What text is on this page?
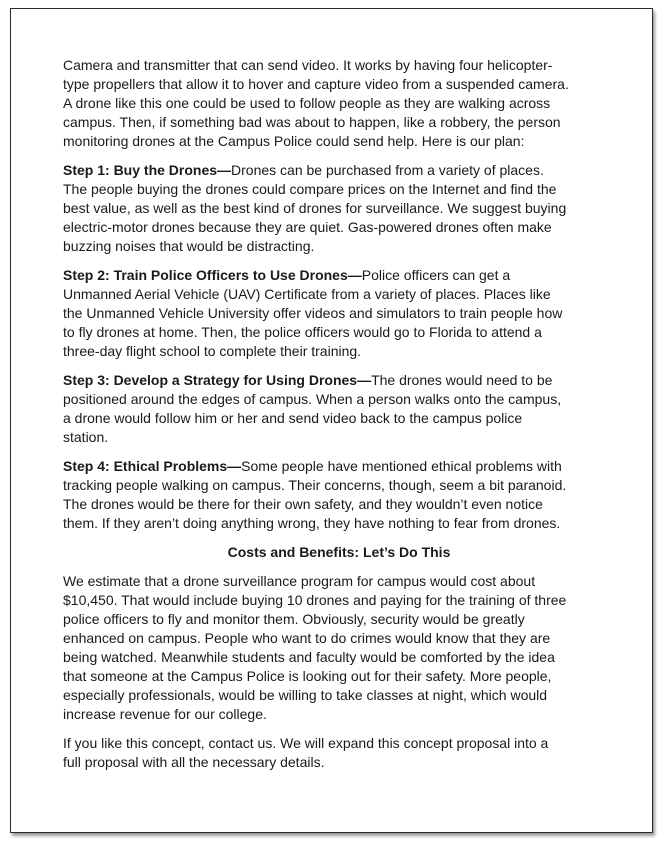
Camera and transmitter that can send video. It works by having four helicopter-
type propellers that allow it to hover and capture video from a suspended camera.
A drone like this one could be used to follow people as they are walking across
campus. Then, if something bad was about to happen, like a robbery, the person
monitoring drones at the Campus Police could send help. Here is our plan:

Step 1: Buy the Drones—Drones can be purchased from a variety of places.
The people buying the drones could compare prices on the Internet and find the
best value, as well as the best kind of drones for surveillance. We suggest buying
electric-motor drones because they are quiet. Gas-powered drones often make
buzzing noises that would be distracting.

Step 2: Train Police Officers to Use Drones—Police officers can get a
Unmanned Aerial Vehicle (UAV) Certificate from a variety of places. Places like
the Unmanned Vehicle University offer videos and simulators to train people how
to fly drones at home. Then, the police officers would go to Florida to attend a
three-day flight school to complete their training.

Step 3: Develop a Strategy for Using Drones—The drones would need to be
positioned around the edges of campus. When a person walks onto the campus,
a drone would follow him or her and send video back to the campus police
station.

Step 4: Ethical Problems—Some people have mentioned ethical problems with
tracking people walking on campus. Their concerns, though, seem a bit paranoid.
The drones would be there for their own safety, and they wouldn’t even notice
them. If they aren’t doing anything wrong, they have nothing to fear from drones.

Costs and Benefits: Let’s Do This

We estimate that a drone surveillance program for campus would cost about
$10,450. That would include buying 10 drones and paying for the training of three
police officers to fly and monitor them. Obviously, security would be greatly
enhanced on campus. People who want to do crimes would know that they are
being watched. Meanwhile students and faculty would be comforted by the idea
that someone at the Campus Police is looking out for their safety. More people,
especially professionals, would be willing to take classes at night, which would
increase revenue for our college.

If you like this concept, contact us. We will expand this concept proposal into a
full proposal with all the necessary details.
